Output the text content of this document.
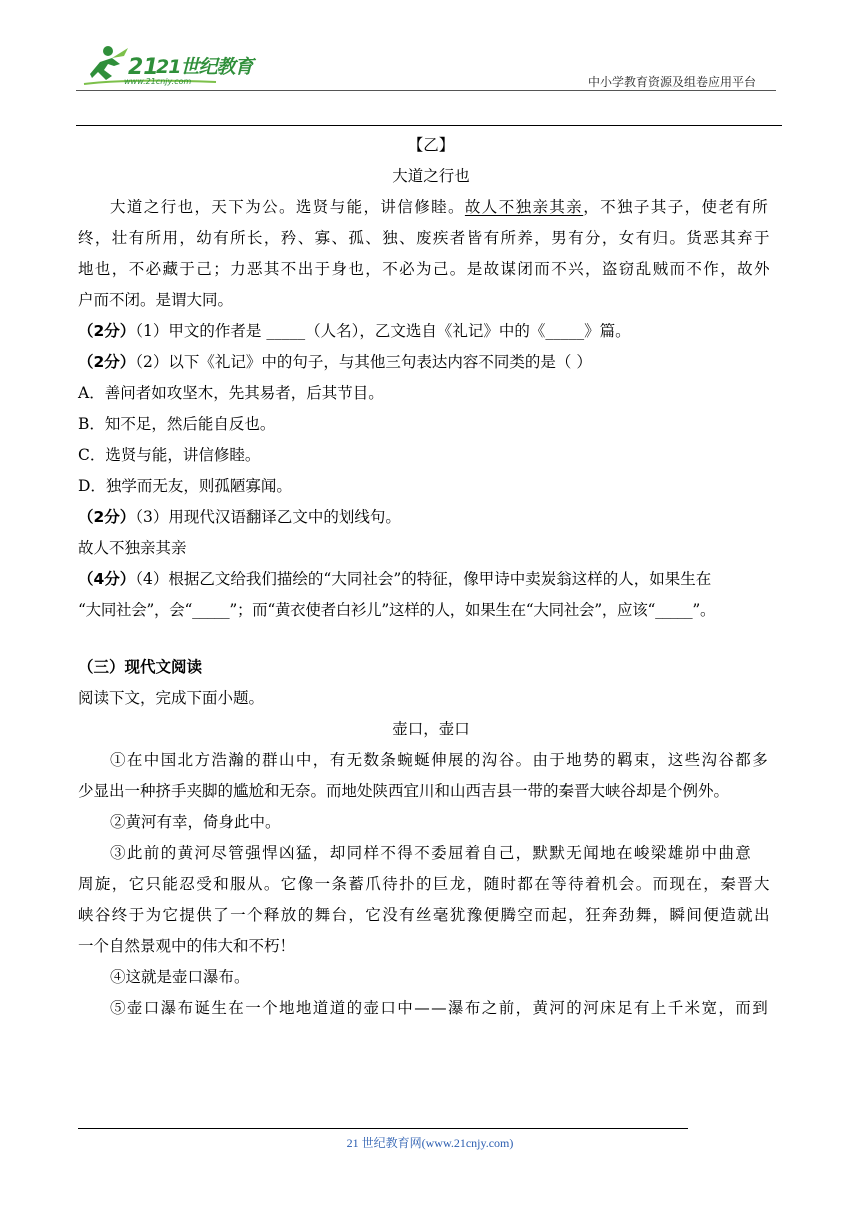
21
21世纪教育
www.21cnjy.com	中小学教育资源及组卷应用平台
【乙】
大道之行也
大道之行也，天下为公。选贤与能，讲信修睦。故人不独亲其亲，不独子其子，使老有所
终，壮有所用，幼有所长，矜、寡、孤、独、废疾者皆有所养，男有分，女有归。货恶其弃于
地也，不必藏于己；力恶其不出于身也，不必为己。是故谋闭而不兴，盗窃乱贼而不作，故外
户而不闭。是谓大同。
（2分）（1）甲文的作者是 _____（人名），乙文选自《礼记》中的《_____》篇。
（2分）（2）以下《礼记》中的句子，与其他三句表达内容不同类的是（ ）
A．善问者如攻坚木，先其易者，后其节目。
B．知不足，然后能自反也。
C．选贤与能，讲信修睦。
D．独学而无友，则孤陋寡闻。
（2分）（3）用现代汉语翻译乙文中的划线句。
故人不独亲其亲
（4分）（4）根据乙文给我们描绘的“大同社会”的特征，像甲诗中卖炭翁这样的人，如果生在
“大同社会”，会“_____”；而“黄衣使者白衫儿”这样的人，如果生在“大同社会”，应该“_____”。
（三）现代文阅读
阅读下文，完成下面小题。
壶口，壶口
①在中国北方浩瀚的群山中，有无数条蜿蜒伸展的沟谷。由于地势的羁束，这些沟谷都多
少显出一种挤手夹脚的尴尬和无奈。而地处陕西宜川和山西吉县一带的秦晋大峡谷却是个例外。
②黄河有幸，倚身此中。
③此前的黄河尽管强悍凶猛，却同样不得不委屈着自己，默默无闻地在峻梁雄峁中曲意
周旋，它只能忍受和服从。它像一条蓄爪待扑的巨龙，随时都在等待着机会。而现在，秦晋大
峡谷终于为它提供了一个释放的舞台，它没有丝毫犹豫便腾空而起，狂奔劲舞，瞬间便造就出
一个自然景观中的伟大和不朽！
④这就是壶口瀑布。
⑤壶口瀑布诞生在一个地地道道的壶口中——瀑布之前，黄河的河床足有上千米宽，而到
21 世纪教育网(www.21cnjy.com)
